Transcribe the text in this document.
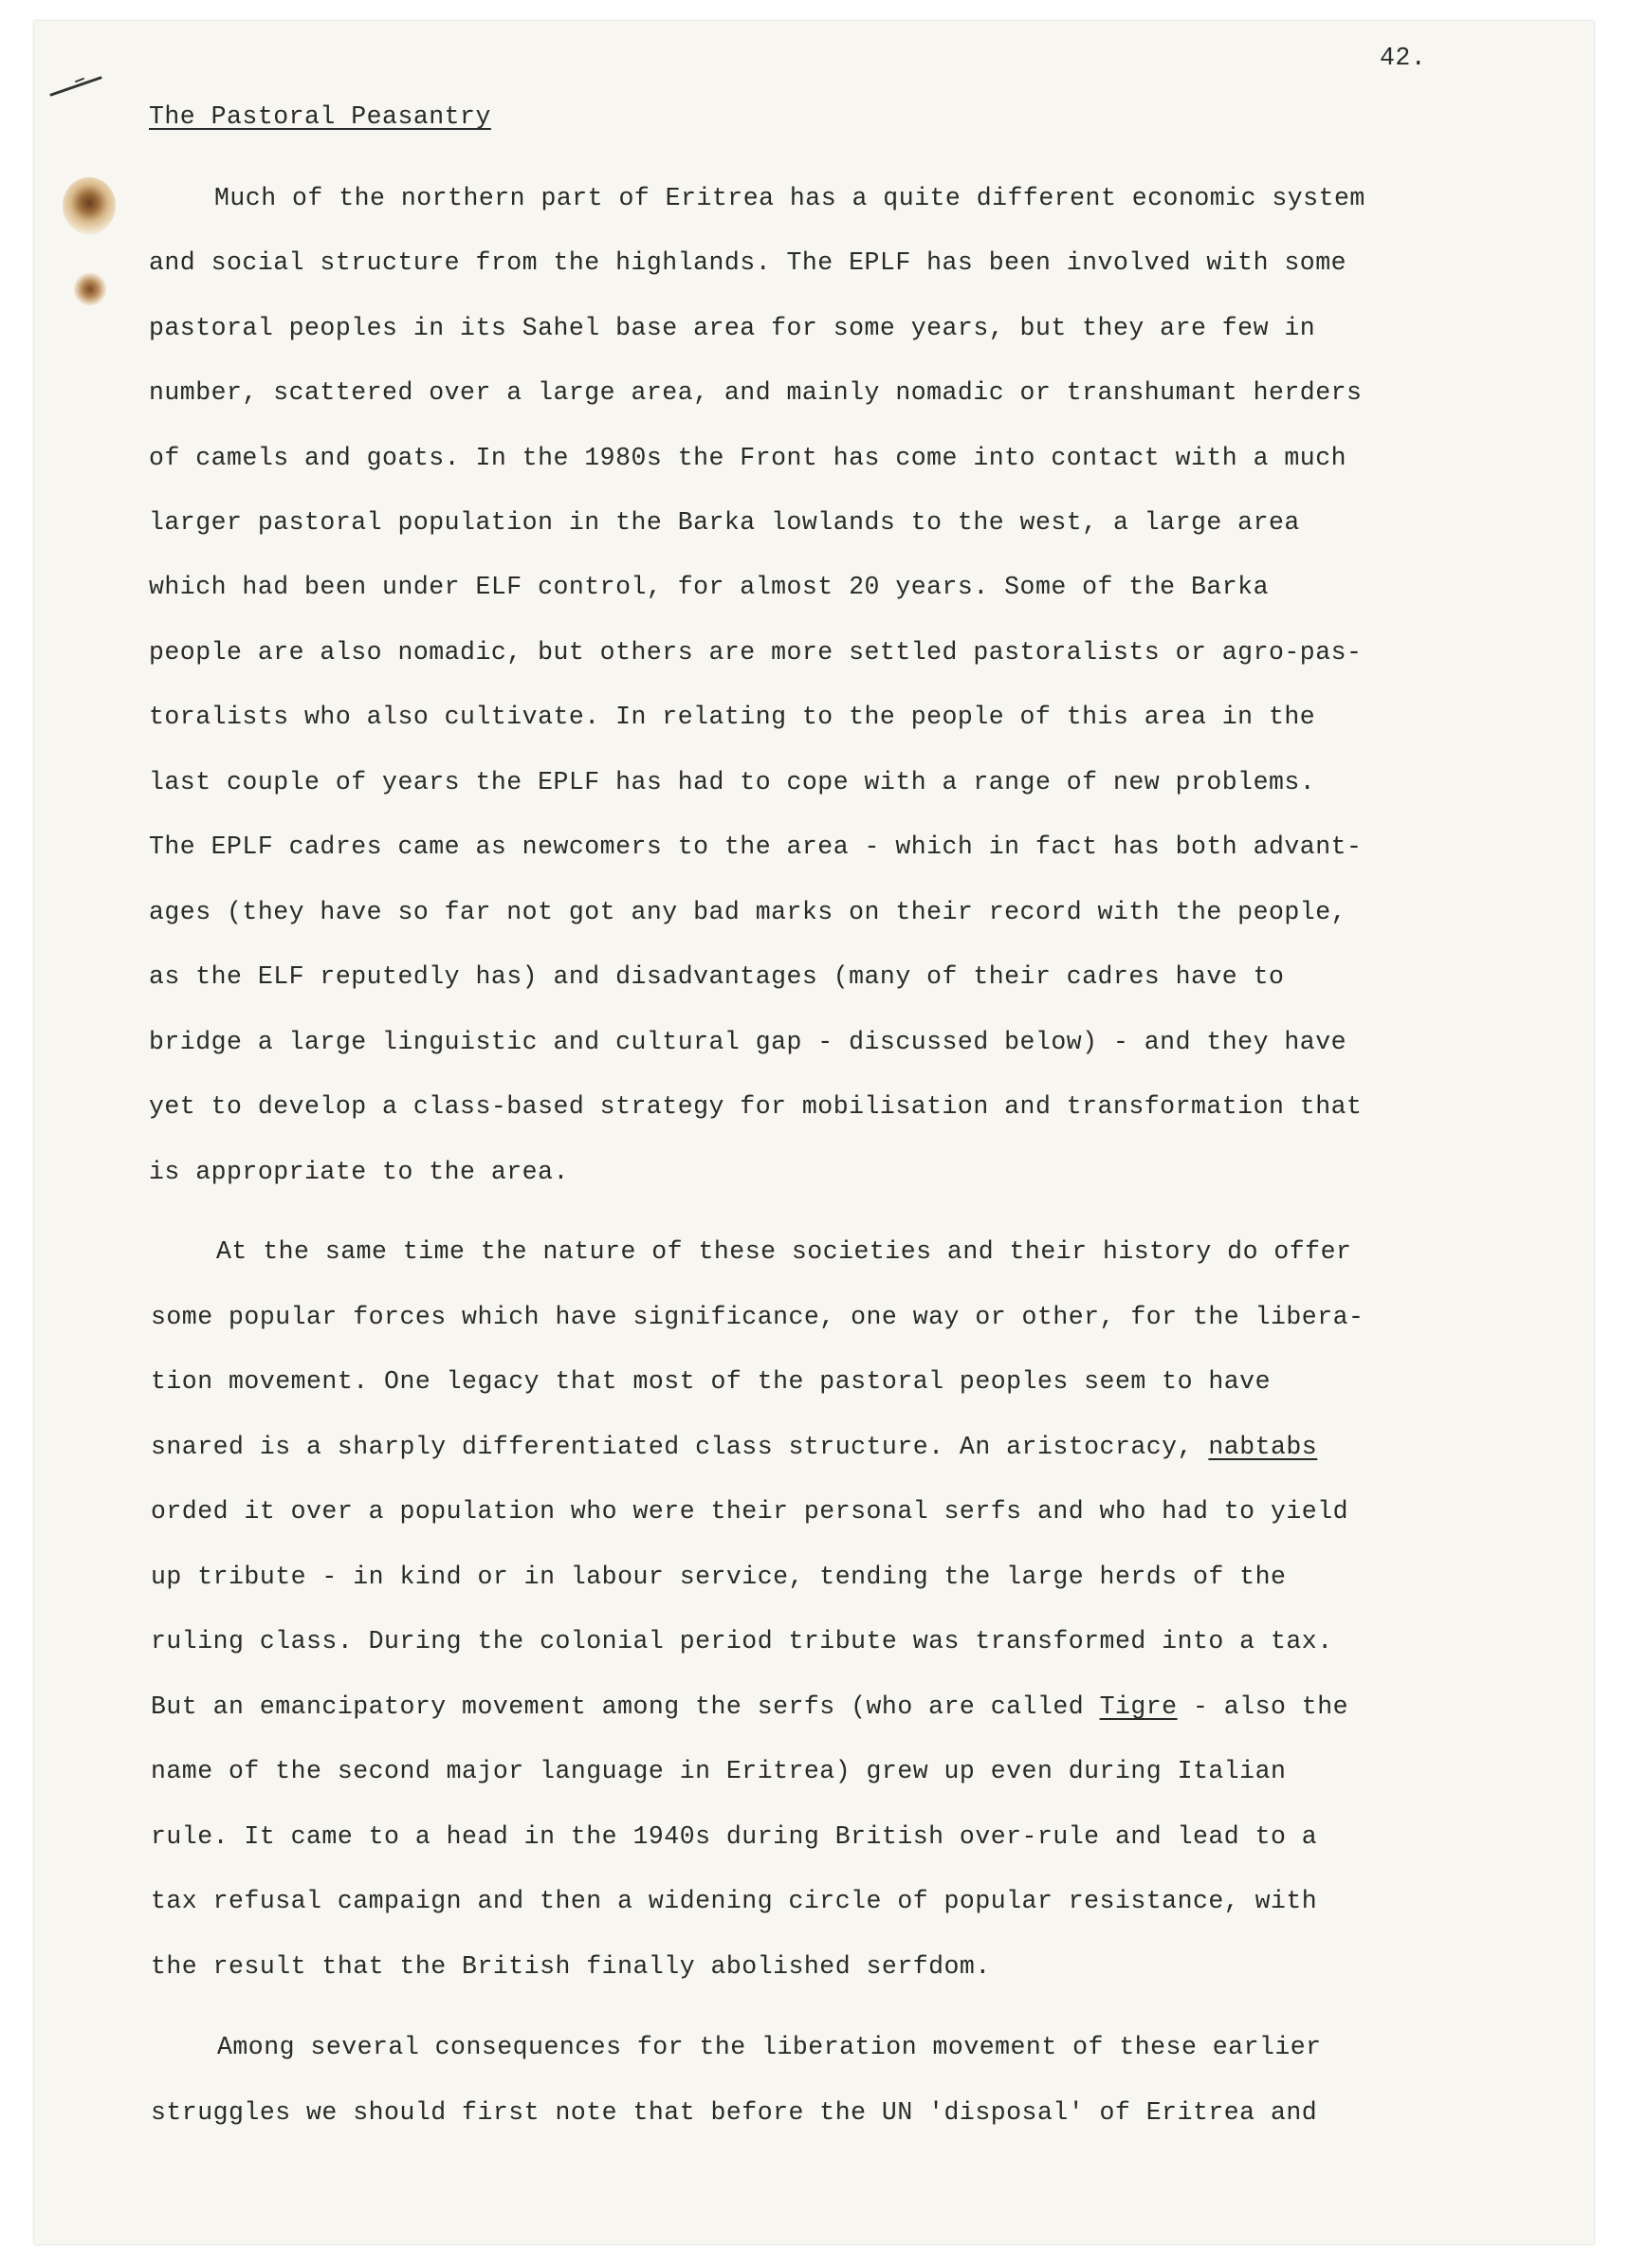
42.
The Pastoral Peasantry
Much of the northern part of Eritrea has a quite different economic system
and social structure from the highlands. The EPLF has been involved with some
pastoral peoples in its Sahel base area for some years, but they are few in
number, scattered over a large area, and mainly nomadic or transhumant herders
of camels and goats. In the 1980s the Front has come into contact with a much
larger pastoral population in the Barka lowlands to the west, a large area
which had been under ELF control, for almost 20 years. Some of the Barka
people are also nomadic, but others are more settled pastoralists or agro-pas-
toralists who also cultivate. In relating to the people of this area in the
last couple of years the EPLF has had to cope with a range of new problems.
The EPLF cadres came as newcomers to the area - which in fact has both advant-
ages (they have so far not got any bad marks on their record with the people,
as the ELF reputedly has) and disadvantages (many of their cadres have to
bridge a large linguistic and cultural gap - discussed below) - and they have
yet to develop a class-based strategy for mobilisation and transformation that
is appropriate to the area.
At the same time the nature of these societies and their history do offer
some popular forces which have significance, one way or other, for the libera-
tion movement. One legacy that most of the pastoral peoples seem to have
snared is a sharply differentiated class structure. An aristocracy, nabtabs
orded it over a population who were their personal serfs and who had to yield
up tribute - in kind or in labour service, tending the large herds of the
ruling class. During the colonial period tribute was transformed into a tax.
But an emancipatory movement among the serfs (who are called Tigre - also the
name of the second major language in Eritrea) grew up even during Italian
rule. It came to a head in the 1940s during British over-rule and lead to a
tax refusal campaign and then a widening circle of popular resistance, with
the result that the British finally abolished serfdom.
Among several consequences for the liberation movement of these earlier
struggles we should first note that before the UN 'disposal' of Eritrea and
